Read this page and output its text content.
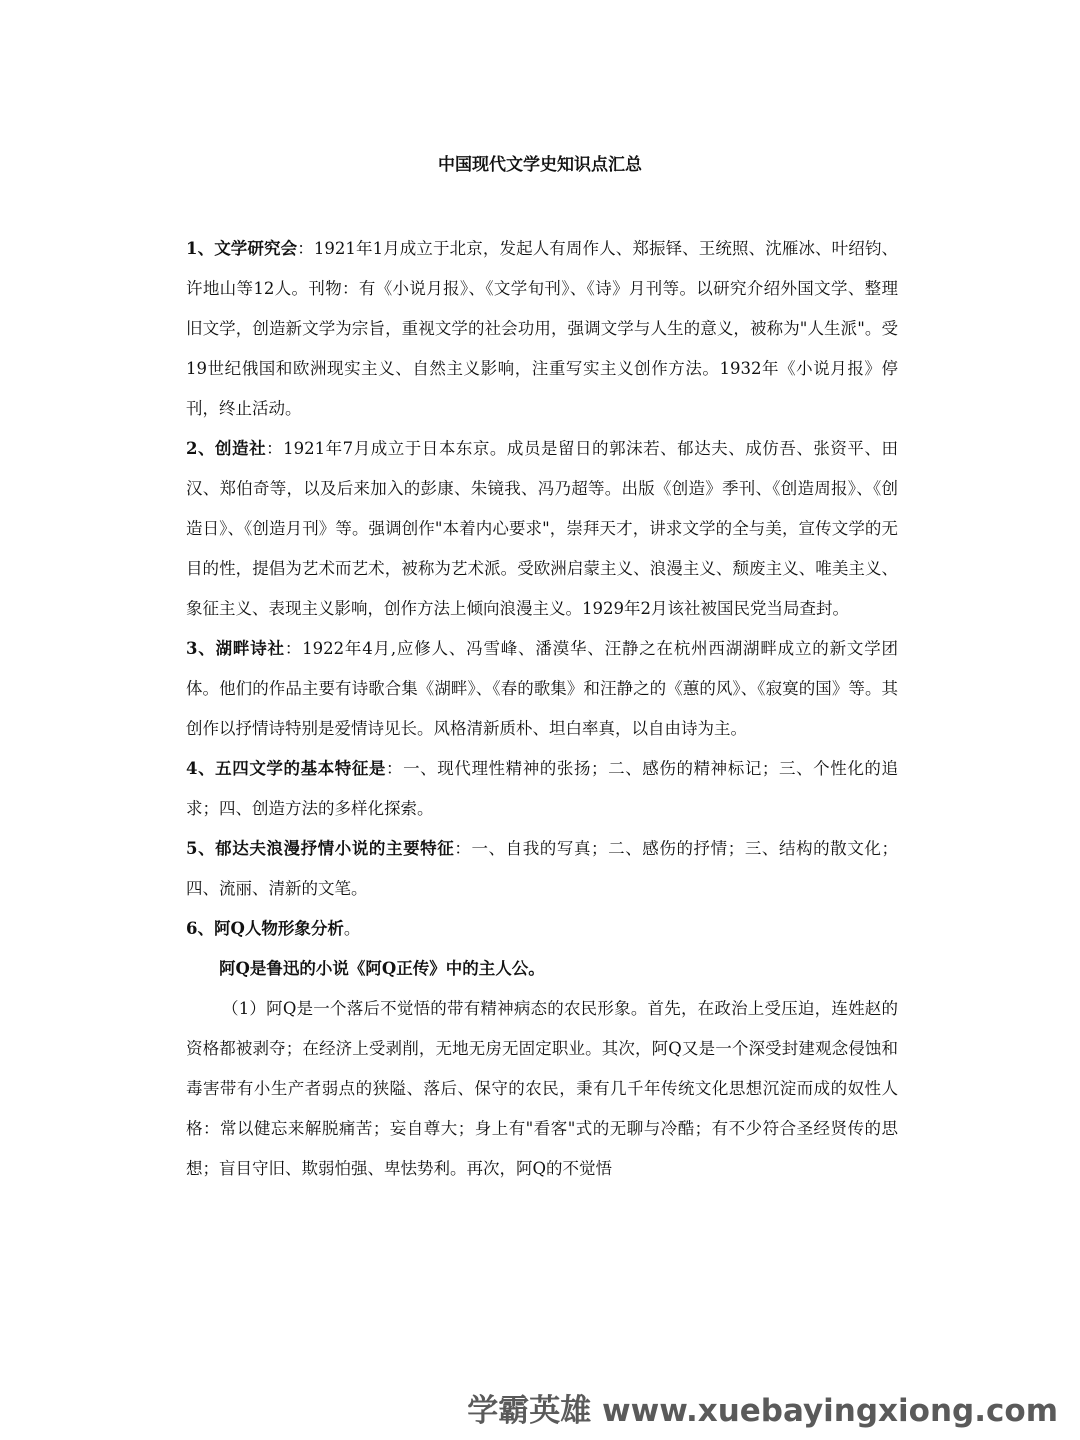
中国现代文学史知识点汇总

1、文学研究会：1921年1月成立于北京，发起人有周作人、郑振铎、王统照、沈雁冰、叶绍钧、许地山等12人。刊物：有《小说月报》、《文学旬刊》、《诗》月刊等。以研究介绍外国文学、整理旧文学，创造新文学为宗旨，重视文学的社会功用，强调文学与人生的意义，被称为"人生派"。受19世纪俄国和欧洲现实主义、自然主义影响，注重写实主义创作方法。1932年《小说月报》停刊，终止活动。

2、创造社：1921年7月成立于日本东京。成员是留日的郭沫若、郁达夫、成仿吾、张资平、田汉、郑伯奇等，以及后来加入的彭康、朱镜我、冯乃超等。出版《创造》季刊、《创造周报》、《创造日》、《创造月刊》等。强调创作"本着内心要求"，崇拜天才，讲求文学的全与美，宣传文学的无目的性，提倡为艺术而艺术，被称为艺术派。受欧洲启蒙主义、浪漫主义、颓废主义、唯美主义、象征主义、表现主义影响，创作方法上倾向浪漫主义。1929年2月该社被国民党当局查封。

3、湖畔诗社：1922年4月,应修人、冯雪峰、潘漠华、汪静之在杭州西湖湖畔成立的新文学团体。他们的作品主要有诗歌合集《湖畔》、《春的歌集》和汪静之的《蕙的风》、《寂寞的国》等。其创作以抒情诗特别是爱情诗见长。风格清新质朴、坦白率真，以自由诗为主。

4、五四文学的基本特征是：一、现代理性精神的张扬；二、感伤的精神标记；三、个性化的追求；四、创造方法的多样化探索。

5、郁达夫浪漫抒情小说的主要特征：一、自我的写真；二、感伤的抒情；三、结构的散文化；四、流丽、清新的文笔。

6、阿Q人物形象分析。

阿Q是鲁迅的小说《阿Q正传》中的主人公。

（1）阿Q是一个落后不觉悟的带有精神病态的农民形象。首先，在政治上受压迫，连姓赵的资格都被剥夺；在经济上受剥削，无地无房无固定职业。其次，阿Q又是一个深受封建观念侵蚀和毒害带有小生产者弱点的狭隘、落后、保守的农民，秉有几千年传统文化思想沉淀而成的奴性人格：常以健忘来解脱痛苦；妄自尊大；身上有"看客"式的无聊与冷酷；有不少符合圣经贤传的思想；盲目守旧、欺弱怕强、卑怯势利。再次，阿Q的不觉悟

学霸英雄 www.xuebayingxiong.com
